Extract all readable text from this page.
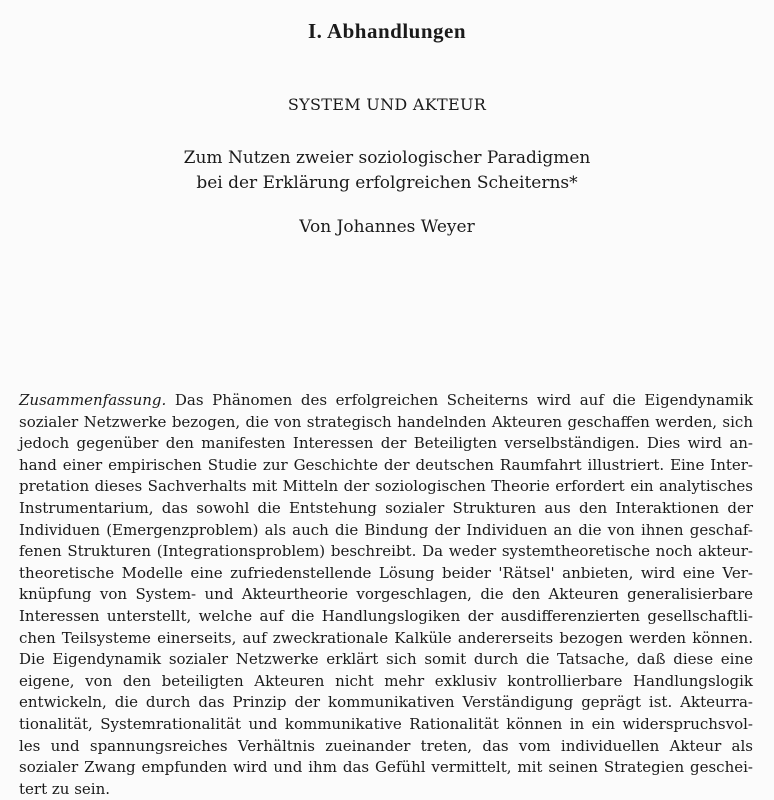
I. Abhandlungen
SYSTEM UND AKTEUR
Zum Nutzen zweier soziologischer Paradigmen
bei der Erklärung erfolgreichen Scheiterns*
Von Johannes Weyer
Zusammenfassung. Das Phänomen des erfolgreichen Scheiterns wird auf die Eigendynamik
sozialer Netzwerke bezogen, die von strategisch handelnden Akteuren geschaffen werden, sich
jedoch gegenüber den manifesten Interessen der Beteiligten verselbständigen. Dies wird an-
hand einer empirischen Studie zur Geschichte der deutschen Raumfahrt illustriert. Eine Inter-
pretation dieses Sachverhalts mit Mitteln der soziologischen Theorie erfordert ein analytisches
Instrumentarium, das sowohl die Entstehung sozialer Strukturen aus den Interaktionen der
Individuen (Emergenzproblem) als auch die Bindung der Individuen an die von ihnen geschaf-
fenen Strukturen (Integrationsproblem) beschreibt. Da weder systemtheoretische noch akteur-
theoretische Modelle eine zufriedenstellende Lösung beider 'Rätsel' anbieten, wird eine Ver-
knüpfung von System- und Akteurtheorie vorgeschlagen, die den Akteuren generalisierbare
Interessen unterstellt, welche auf die Handlungslogiken der ausdifferenzierten gesellschaftli-
chen Teilsysteme einerseits, auf zweckrationale Kalküle andererseits bezogen werden können.
Die Eigendynamik sozialer Netzwerke erklärt sich somit durch die Tatsache, daß diese eine
eigene, von den beteiligten Akteuren nicht mehr exklusiv kontrollierbare Handlungslogik
entwickeln, die durch das Prinzip der kommunikativen Verständigung geprägt ist. Akteurra-
tionalität, Systemrationalität und kommunikative Rationalität können in ein widerspruchsvol-
les und spannungsreiches Verhältnis zueinander treten, das vom individuellen Akteur als
sozialer Zwang empfunden wird und ihm das Gefühl vermittelt, mit seinen Strategien geschei-
tert zu sein.
